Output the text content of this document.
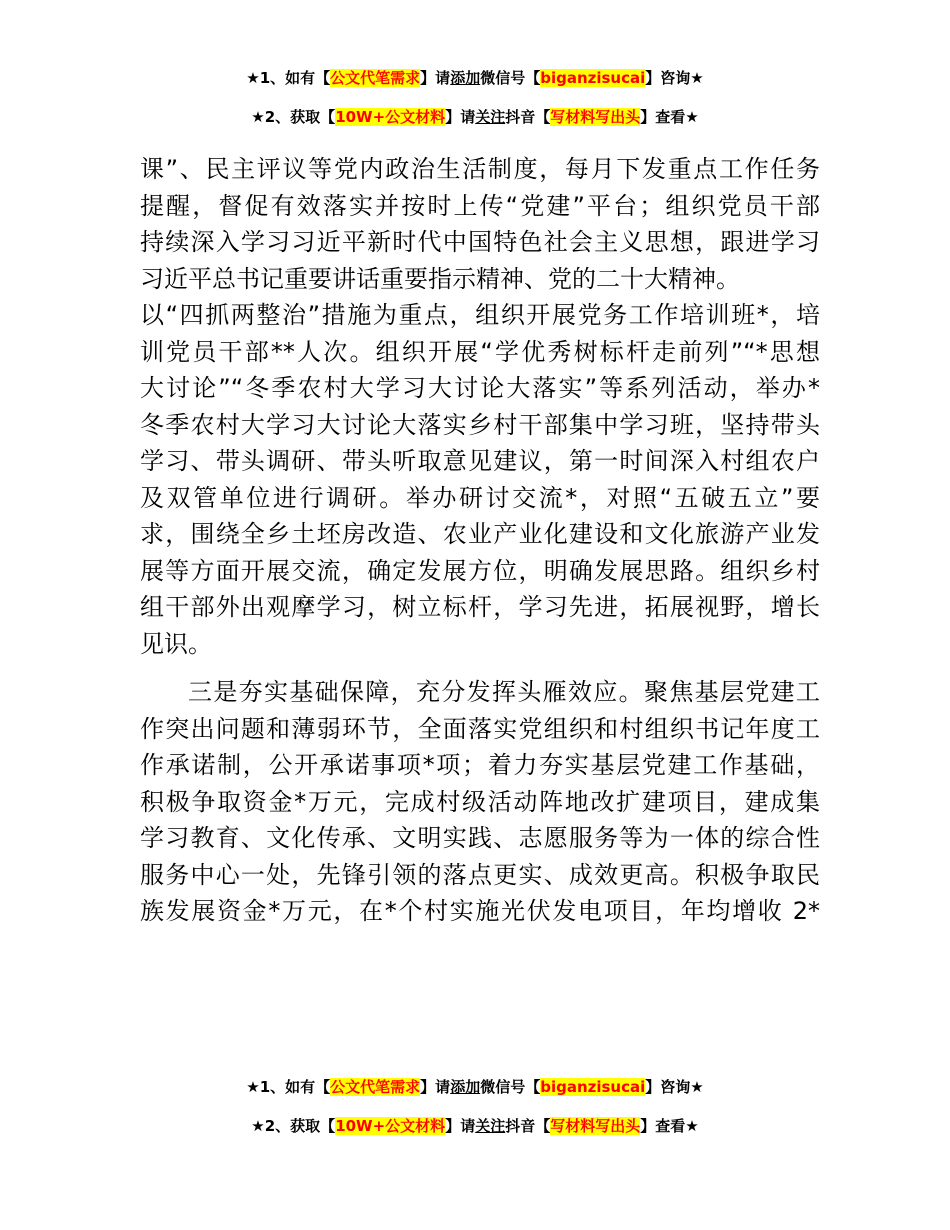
★1、如有【公文代笔需求】请添加微信号【biganzisucai】咨询★
★2、获取【10W+公文材料】请关注抖音【写材料写出头】查看★
课”、民主评议等党内政治生活制度，每月下发重点工作任务
提醒，督促有效落实并按时上传“党建”平台；组织党员干部
持续深入学习习近平新时代中国特色社会主义思想，跟进学习
习近平总书记重要讲话重要指示精神、党的二十大精神。
以“四抓两整治”措施为重点，组织开展党务工作培训班*，培
训党员干部**人次。组织开展“学优秀树标杆走前列”“*思想
大讨论”“冬季农村大学习大讨论大落实”等系列活动，举办*
冬季农村大学习大讨论大落实乡村干部集中学习班，坚持带头
学习、带头调研、带头听取意见建议，第一时间深入村组农户
及双管单位进行调研。举办研讨交流*，对照“五破五立”要
求，围绕全乡土坯房改造、农业产业化建设和文化旅游产业发
展等方面开展交流，确定发展方位，明确发展思路。组织乡村
组干部外出观摩学习，树立标杆，学习先进，拓展视野，增长
见识。
三是夯实基础保障，充分发挥头雁效应。聚焦基层党建工
作突出问题和薄弱环节，全面落实党组织和村组织书记年度工
作承诺制，公开承诺事项*项；着力夯实基层党建工作基础，
积极争取资金*万元，完成村级活动阵地改扩建项目，建成集
学习教育、文化传承、文明实践、志愿服务等为一体的综合性
服务中心一处，先锋引领的落点更实、成效更高。积极争取民
族发展资金*万元，在*个村实施光伏发电项目，年均增收 2*
★1、如有【公文代笔需求】请添加微信号【biganzisucai】咨询★
★2、获取【10W+公文材料】请关注抖音【写材料写出头】查看★
